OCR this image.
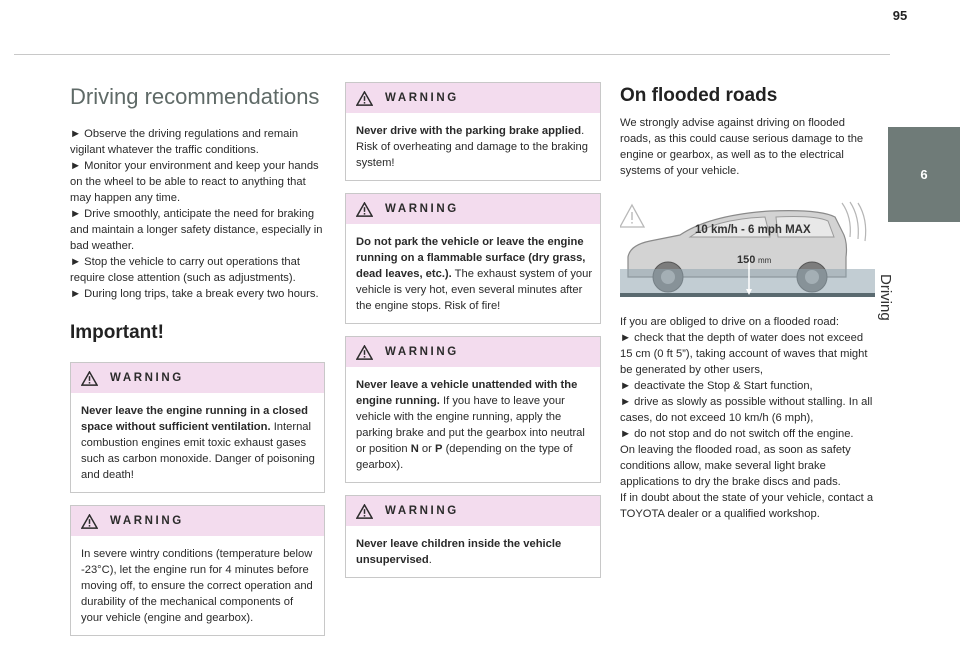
95
6
Driving
Driving recommendations

► Observe the driving regulations and remain vigilant whatever the traffic conditions.

► Monitor your environment and keep your hands on the wheel to be able to react to anything that may happen any time.

► Drive smoothly, anticipate the need for braking and maintain a longer safety distance, especially in bad weather.

► Stop the vehicle to carry out operations that require close attention (such as adjustments).

► During long trips, take a break every two hours.

Important!
WARNING
Never leave the engine running in a closed space without sufficient ventilation. Internal combustion engines emit toxic exhaust gases such as carbon monoxide. Danger of poisoning and death!
WARNING
In severe wintry conditions (temperature below -23°C), let the engine run for 4 minutes before moving off, to ensure the correct operation and durability of the mechanical components of your vehicle (engine and gearbox).
WARNING
Never drive with the parking brake applied. Risk of overheating and damage to the braking system!
WARNING
Do not park the vehicle or leave the engine running on a flammable surface (dry grass, dead leaves, etc.). The exhaust system of your vehicle is very hot, even several minutes after the engine stops. Risk of fire!
WARNING
Never leave a vehicle unattended with the engine running. If you have to leave your vehicle with the engine running, apply the parking brake and put the gearbox into neutral or position N or P (depending on the type of gearbox).
WARNING
Never leave children inside the vehicle unsupervised.
On flooded roads

We strongly advise against driving on flooded roads, as this could cause serious damage to the engine or gearbox, as well as to the electrical systems of your vehicle.

10 km/h - 6 mph MAX
150 mm

If you are obliged to drive on a flooded road:

► check that the depth of water does not exceed 15 cm (0 ft 5”), taking account of waves that might be generated by other users,

► deactivate the Stop & Start function,

► drive as slowly as possible without stalling. In all cases, do not exceed 10 km/h (6 mph),

► do not stop and do not switch off the engine.

On leaving the flooded road, as soon as safety conditions allow, make several light brake applications to dry the brake discs and pads.

If in doubt about the state of your vehicle, contact a TOYOTA dealer or a qualified workshop.
